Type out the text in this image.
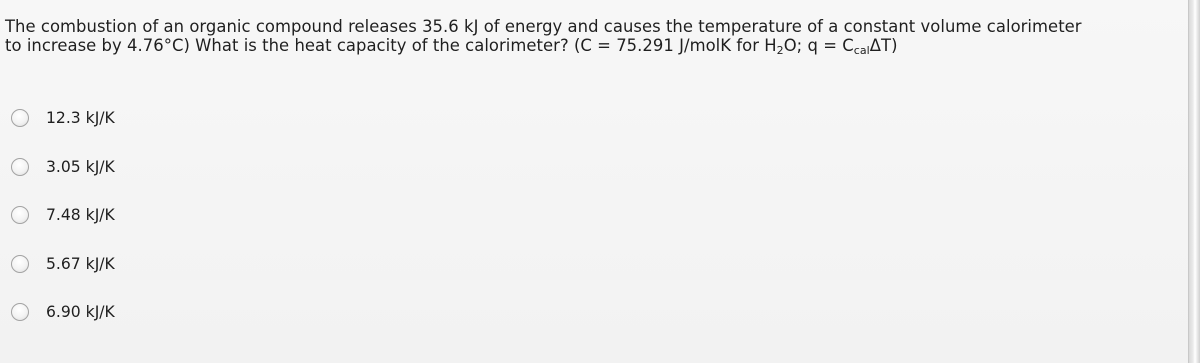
The combustion of an organic compound releases 35.6 kJ of energy and causes the temperature of a constant volume calorimeter
to increase by 4.76°C) What is the heat capacity of the calorimeter? (C = 75.291 J/molK for $H_2O$; $q = C_{cal}\Delta T$)
12.3 kJ/K
3.05 kJ/K
7.48 kJ/K
5.67 kJ/K
6.90 kJ/K
